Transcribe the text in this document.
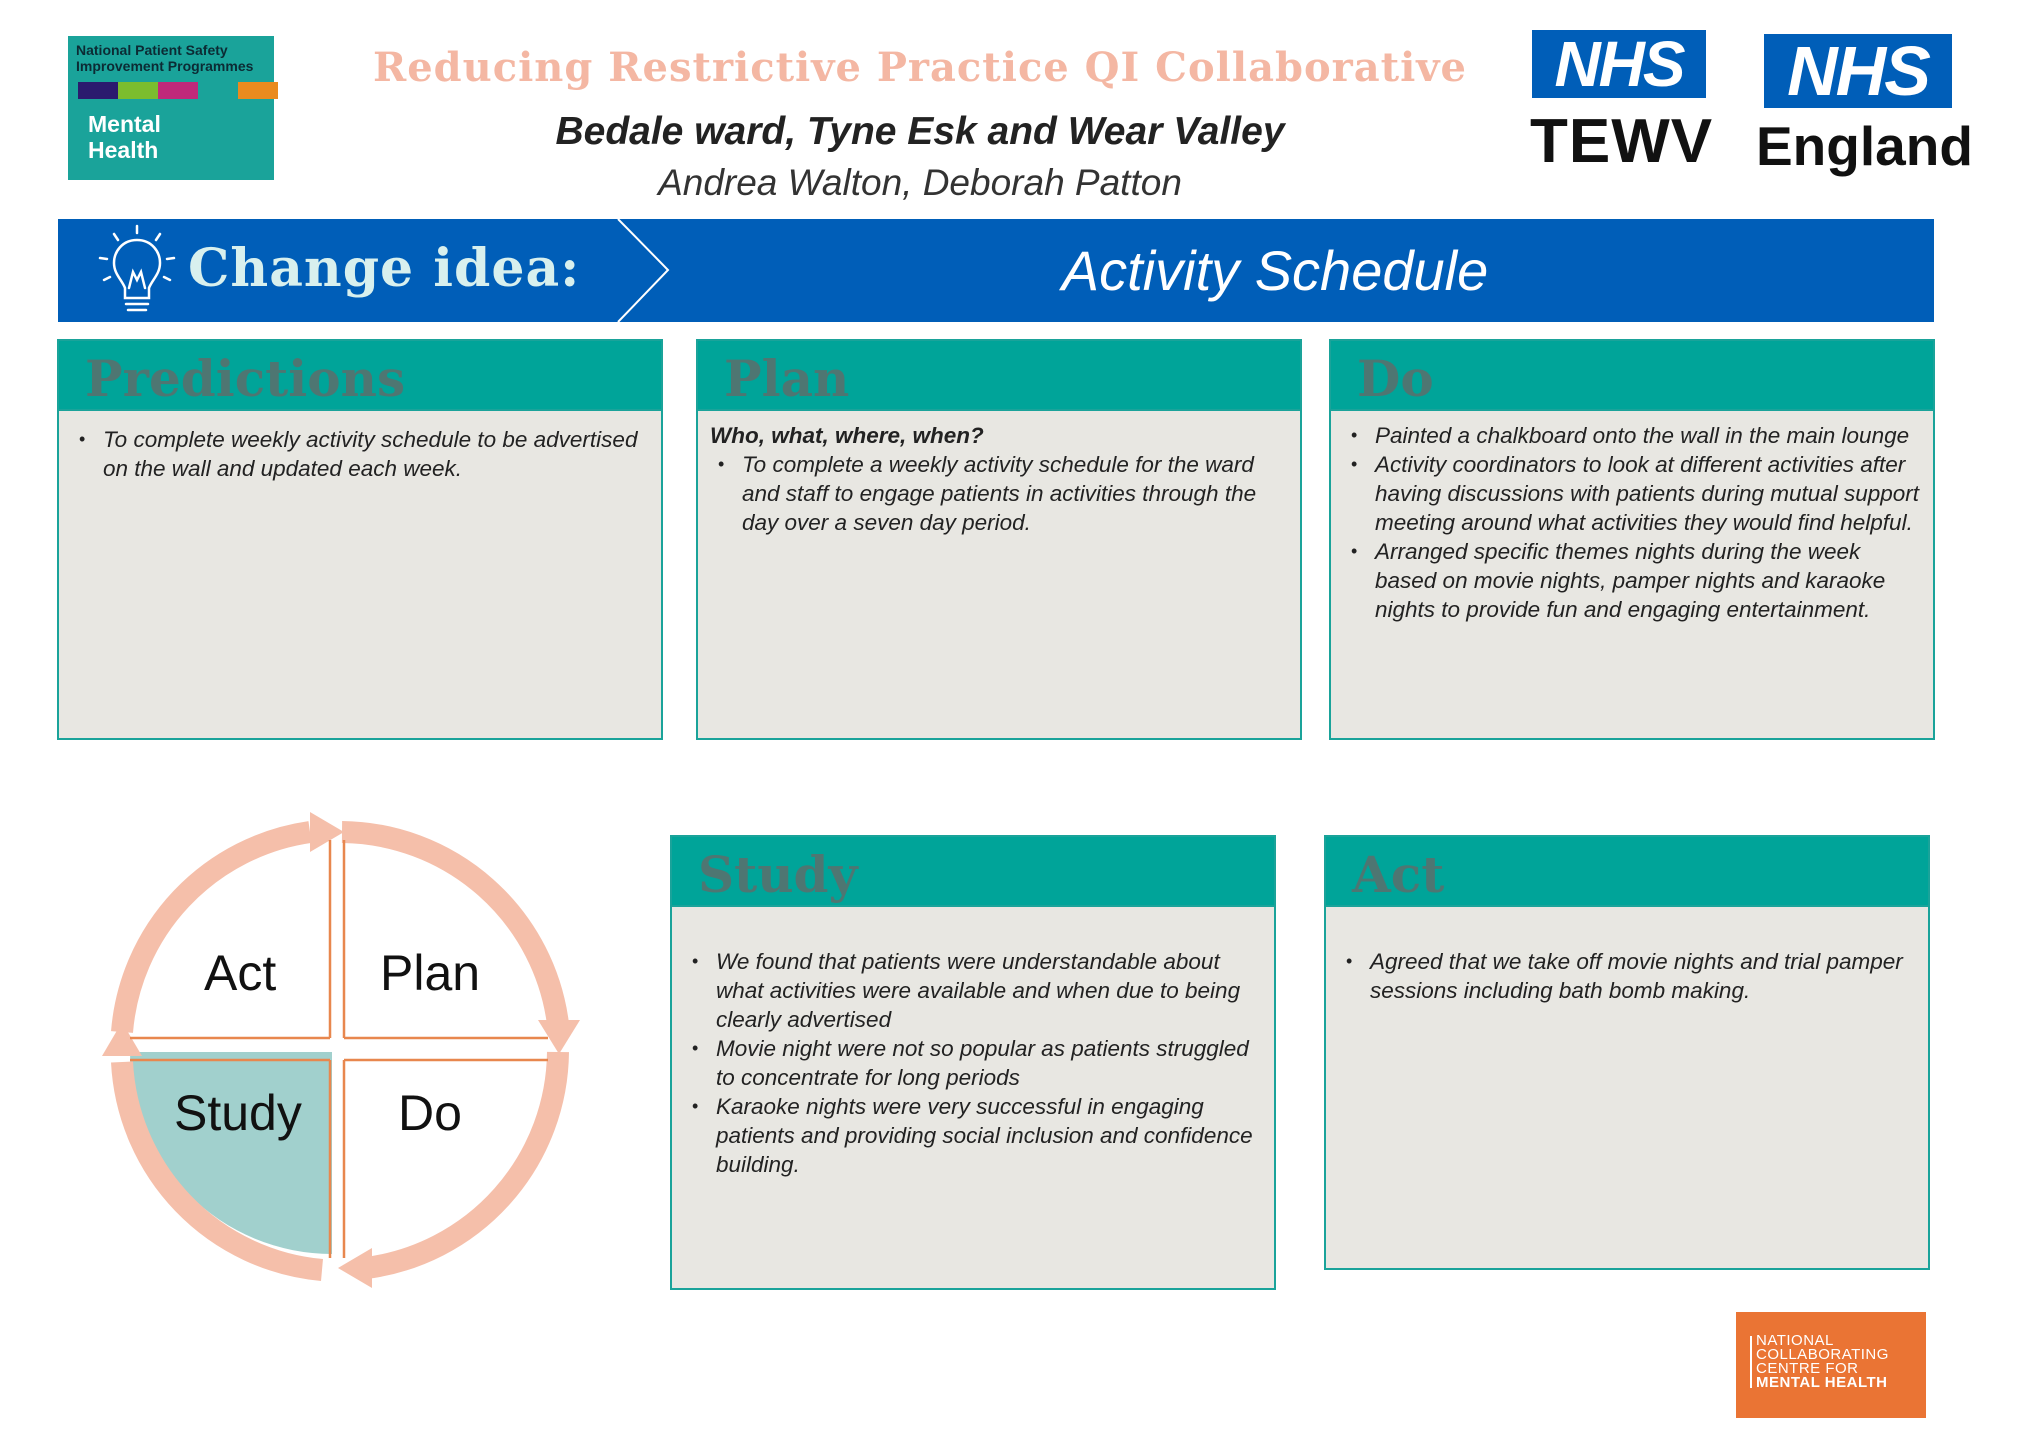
National Patient Safety Improvement Programmes
Mental Health
Reducing Restrictive Practice QI Collaborative
Bedale ward, Tyne Esk and Wear Valley
Andrea Walton, Deborah Patton
NHS
TEWV
NHS
England
Change idea:	Activity Schedule
Predictions
• To complete weekly activity schedule to be advertised on the wall and updated each week.
Plan
Who, what, where, when?
• To complete a weekly activity schedule for the ward and staff to engage patients in activities through the day over a seven day period.
Do
• Painted a chalkboard onto the wall in the main lounge
• Activity coordinators to look at different activities after having discussions with patients during mutual support meeting around what activities they would find helpful.
• Arranged specific themes nights during the week based on movie nights, pamper nights and karaoke nights to provide fun and engaging entertainment.
Study
• We found that patients were understandable about what activities were available and when due to being clearly advertised
• Movie night were not so popular as patients struggled to concentrate for long periods
• Karaoke nights were very successful in engaging patients and providing social inclusion and confidence building.
Act
• Agreed that we take off movie nights and trial pamper sessions including bath bomb making.
Act Plan
Study Do
NATIONAL
COLLABORATING
CENTRE FOR
MENTAL HEALTH
